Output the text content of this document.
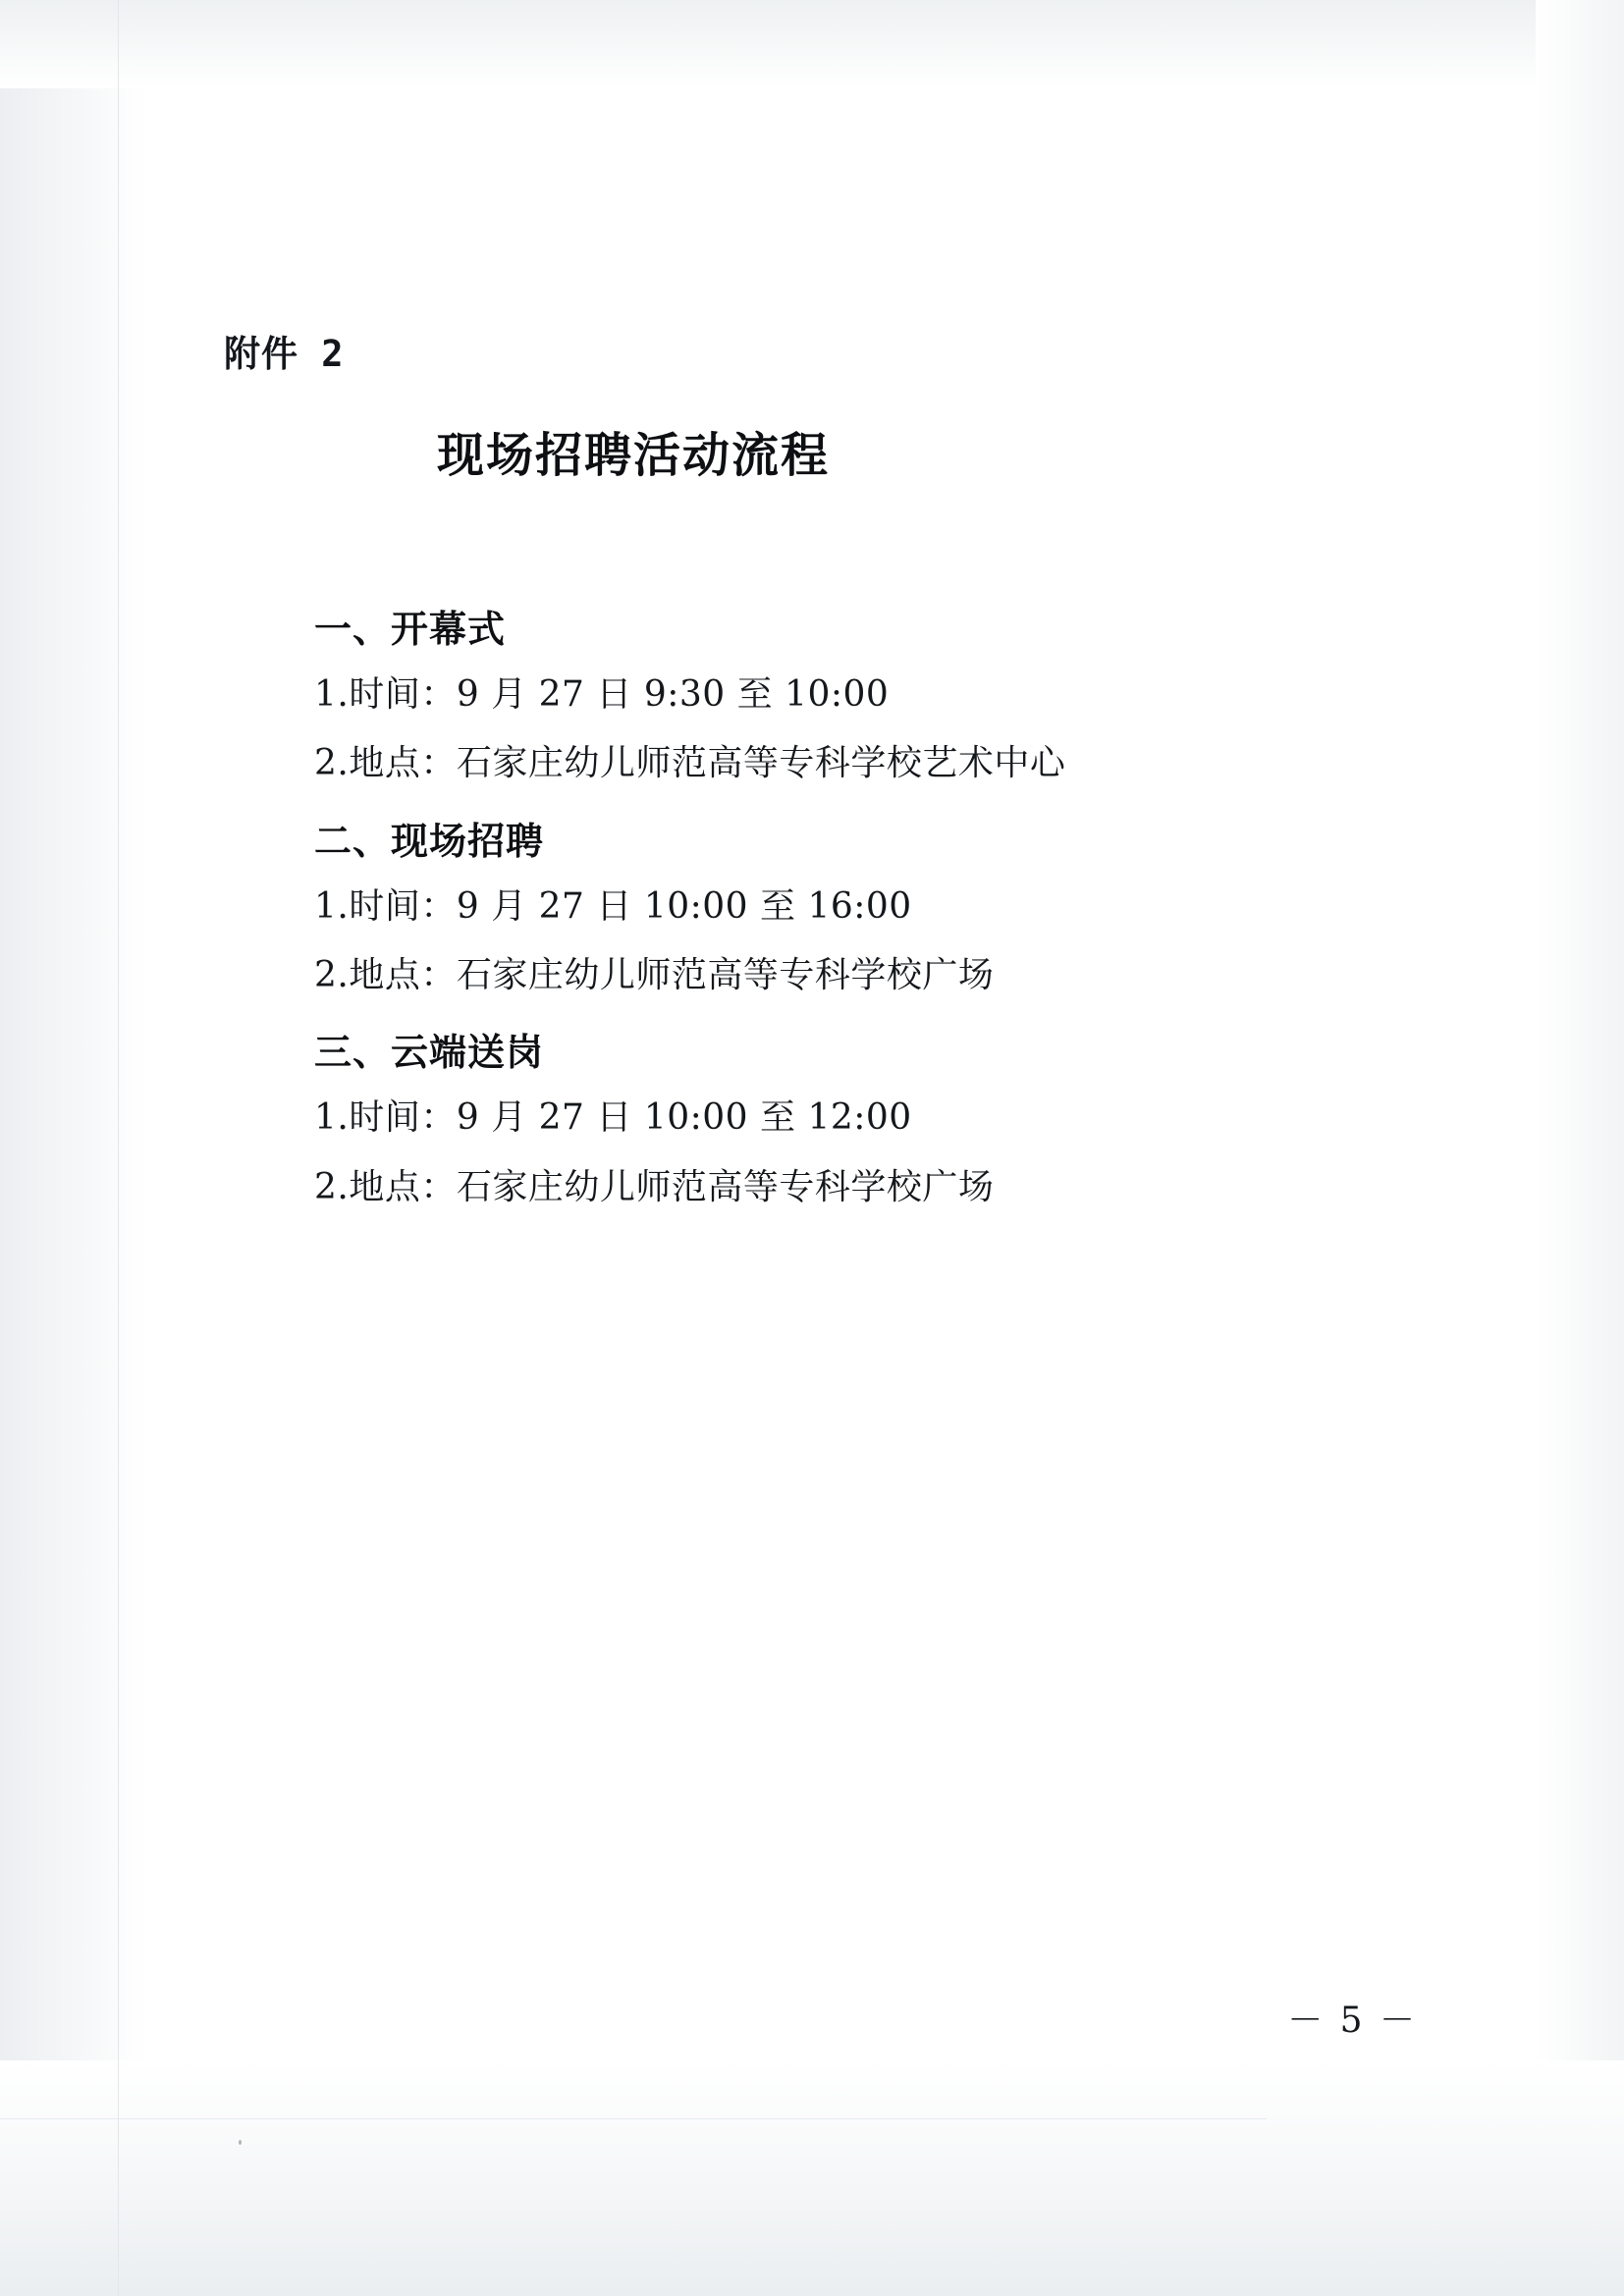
附件 2
现场招聘活动流程
一、开幕式
1.时间：9 月 27 日 9:30 至 10:00
2.地点：石家庄幼儿师范高等专科学校艺术中心
二、现场招聘
1.时间：9 月 27 日 10:00 至 16:00
2.地点：石家庄幼儿师范高等专科学校广场
三、云端送岗
1.时间：9 月 27 日 10:00 至 12:00
2.地点：石家庄幼儿师范高等专科学校广场
－ 5 －
